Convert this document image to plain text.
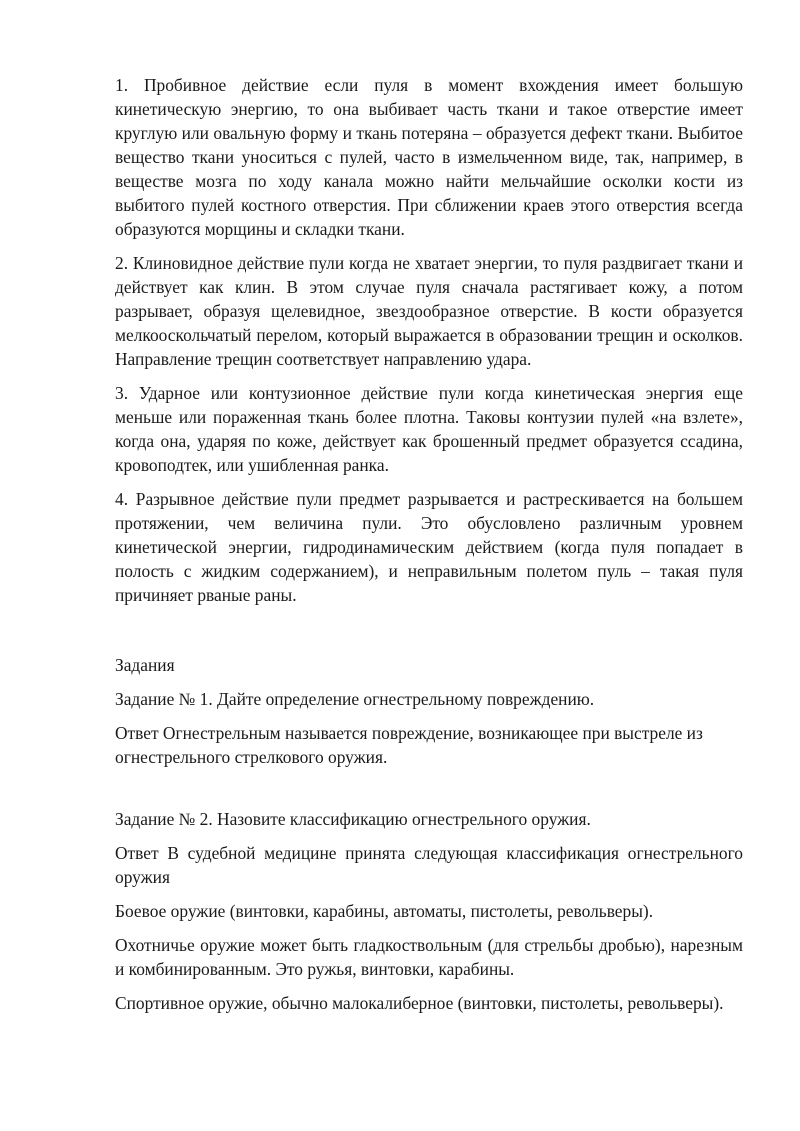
1. Пробивное действие если пуля в момент вхождения имеет большую кинетическую энергию, то она выбивает часть ткани и такое отверстие имеет круглую или овальную форму и ткань потеряна – образуется дефект ткани. Выбитое вещество ткани уноситься с пулей, часто в измельченном виде, так, например, в веществе мозга по ходу канала можно найти мельчайшие осколки кости из выбитого пулей костного отверстия. При сближении краев этого отверстия всегда образуются морщины и складки ткани.

2. Клиновидное действие пули когда не хватает энергии, то пуля раздвигает ткани и действует как клин. В этом случае пуля сначала растягивает кожу, а потом разрывает, образуя щелевидное, звездообразное отверстие. В кости образуется мелкооскольчатый перелом, который выражается в образовании трещин и осколков. Направление трещин соответствует направлению удара.

3. Ударное или контузионное действие пули когда кинетическая энергия еще меньше или пораженная ткань более плотна. Таковы контузии пулей «на взлете», когда она, ударяя по коже, действует как брошенный предмет образуется ссадина, кровоподтек, или ушибленная ранка.

4. Разрывное действие пули предмет разрывается и растрескивается на большем протяжении, чем величина пули. Это обусловлено различным уровнем кинетической энергии, гидродинамическим действием (когда пуля попадает в полость с жидким содержанием), и неправильным полетом пуль – такая пуля причиняет рваные раны.

Задания

Задание № 1. Дайте определение огнестрельному повреждению.

Ответ Огнестрельным называется повреждение, возникающее при выстреле из огнестрельного стрелкового оружия.

Задание № 2. Назовите классификацию огнестрельного оружия.

Ответ В судебной медицине принята следующая классификация огнестрельного оружия

Боевое оружие (винтовки, карабины, автоматы, пистолеты, револьверы).

Охотничье оружие может быть гладкоствольным (для стрельбы дробью), нарезным и комбинированным. Это ружья, винтовки, карабины.

Спортивное оружие, обычно малокалиберное (винтовки, пистолеты, револьверы).
